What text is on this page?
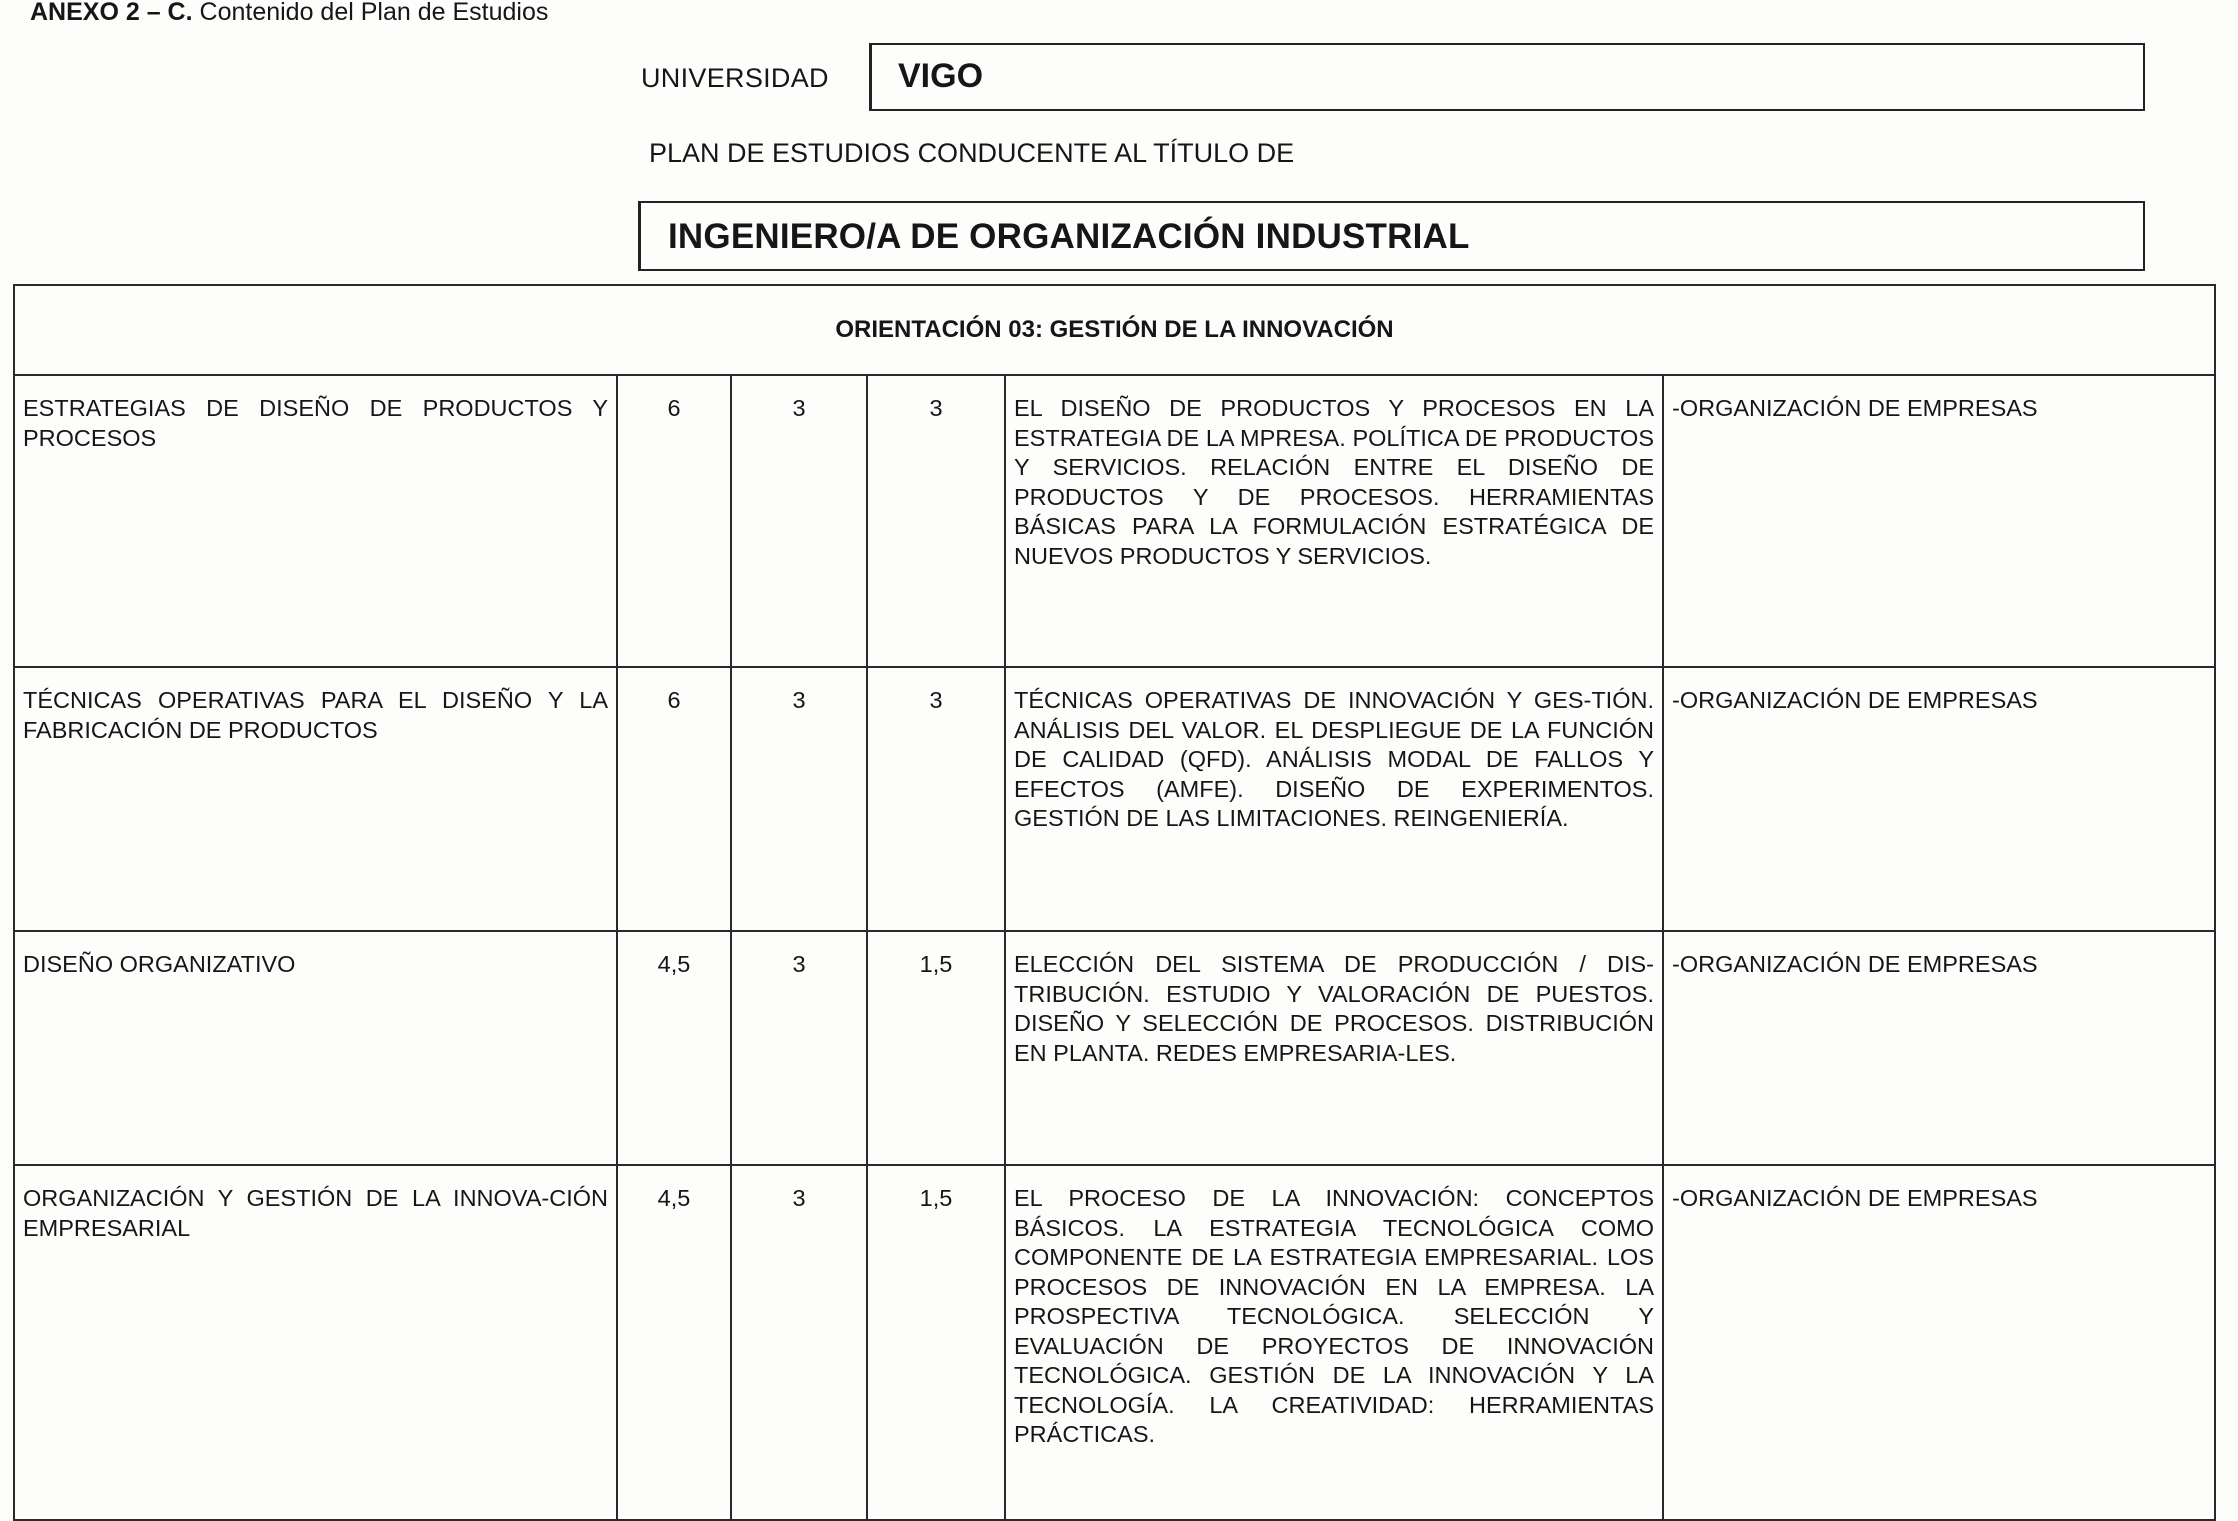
ANEXO 2 – C. Contenido del Plan de Estudios
UNIVERSIDAD VIGO
PLAN DE ESTUDIOS CONDUCENTE AL TÍTULO DE
INGENIERO/A DE ORGANIZACIÓN INDUSTRIAL
ORIENTACIÓN 03: GESTIÓN DE LA INNOVACIÓN					
ESTRATEGIAS DE DISEÑO DE PRODUCTOS Y PROCESOS	6	3	3	EL DISEÑO DE PRODUCTOS Y PROCESOS EN LA ESTRATEGIA DE LA MPRESA. POLÍTICA DE PRODUCTOS Y SERVICIOS. RELACIÓN ENTRE EL DISEÑO DE PRODUCTOS Y DE PROCESOS. HERRAMIENTAS BÁSICAS PARA LA FORMULACIÓN ESTRATÉGICA DE NUEVOS PRODUCTOS Y SERVICIOS.	-ORGANIZACIÓN DE EMPRESAS
TÉCNICAS OPERATIVAS PARA EL DISEÑO Y LA FABRICACIÓN DE PRODUCTOS	6	3	3	TÉCNICAS OPERATIVAS DE INNOVACIÓN Y GES-TIÓN. ANÁLISIS DEL VALOR. EL DESPLIEGUE DE LA FUNCIÓN DE CALIDAD (QFD). ANÁLISIS MODAL DE FALLOS Y EFECTOS (AMFE). DISEÑO DE EXPERIMENTOS. GESTIÓN DE LAS LIMITACIONES. REINGENIERÍA.	-ORGANIZACIÓN DE EMPRESAS
DISEÑO ORGANIZATIVO	4,5	3	1,5	ELECCIÓN DEL SISTEMA DE PRODUCCIÓN / DIS-TRIBUCIÓN. ESTUDIO Y VALORACIÓN DE PUESTOS. DISEÑO Y SELECCIÓN DE PROCESOS. DISTRIBUCIÓN EN PLANTA. REDES EMPRESARIA-LES.	-ORGANIZACIÓN DE EMPRESAS
ORGANIZACIÓN Y GESTIÓN DE LA INNOVA-CIÓN EMPRESARIAL	4,5	3	1,5	EL PROCESO DE LA INNOVACIÓN: CONCEPTOS BÁSICOS. LA ESTRATEGIA TECNOLÓGICA COMO COMPONENTE DE LA ESTRATEGIA EMPRESARIAL. LOS PROCESOS DE INNOVACIÓN EN LA EMPRESA. LA PROSPECTIVA TECNOLÓGICA. SELECCIÓN Y EVALUACIÓN DE PROYECTOS DE INNOVACIÓN TECNOLÓGICA. GESTIÓN DE LA INNOVACIÓN Y LA TECNOLOGÍA. LA CREATIVIDAD: HERRAMIENTAS PRÁCTICAS.	-ORGANIZACIÓN DE EMPRESAS
